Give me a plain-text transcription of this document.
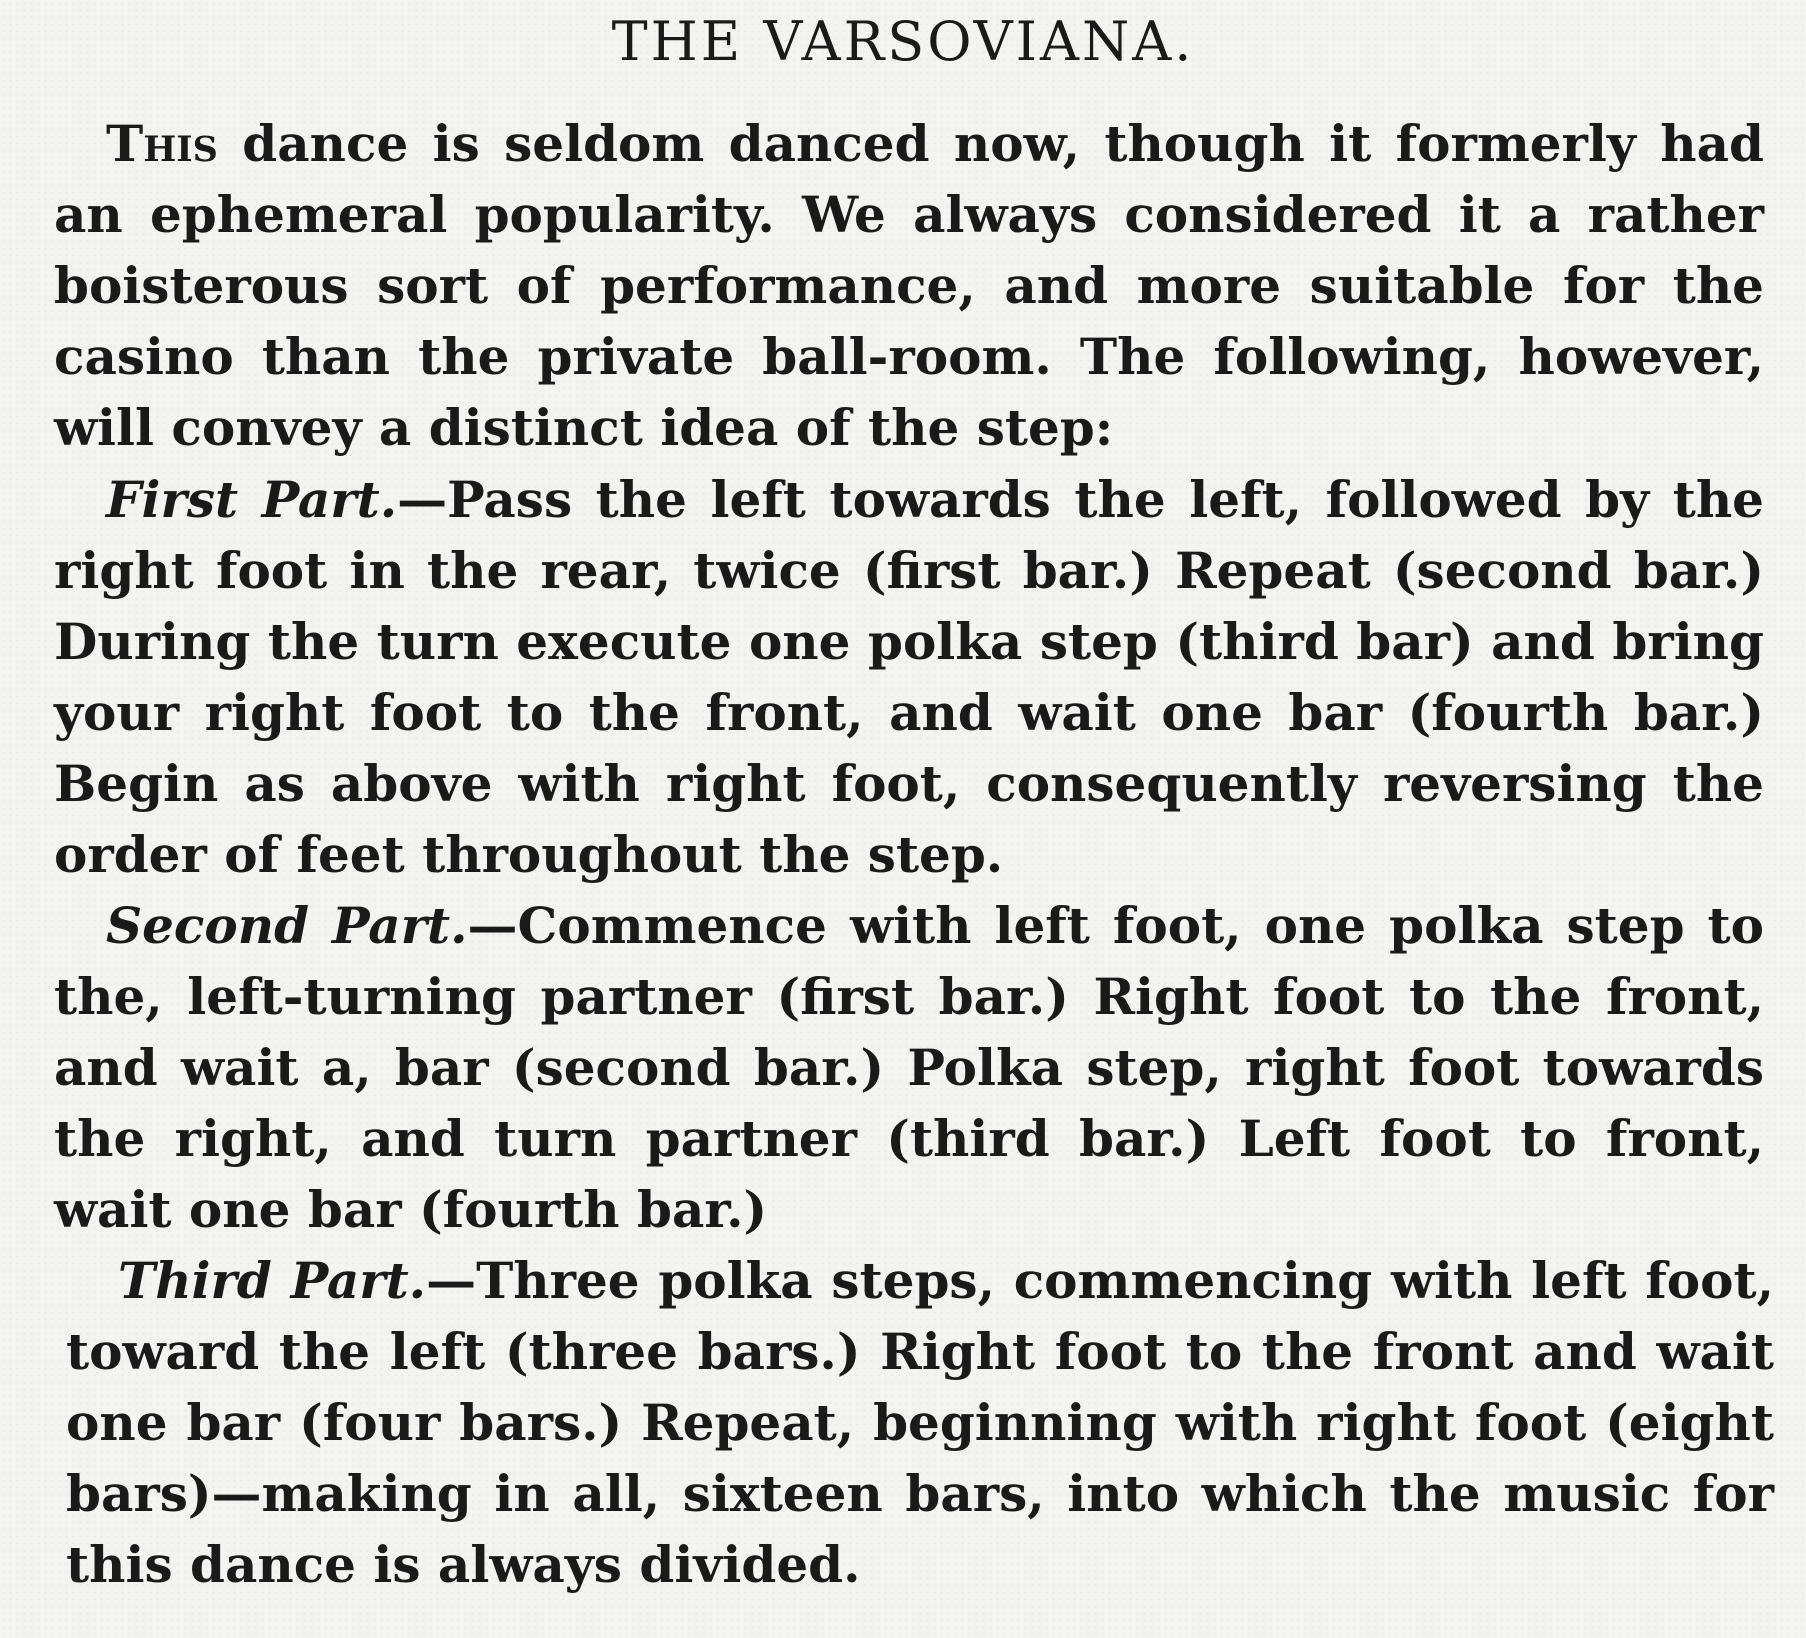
THE VARSOVIANA.

This dance is seldom danced now, though it formerly had an ephemeral popularity. We always considered it a rather boisterous sort of performance, and more suitable for the casino than the private ball-room. The following, however, will convey a distinct idea of the step:

First Part.—Pass the left towards the left, followed by the right foot in the rear, twice (first bar.) Repeat (second bar.) During the turn execute one polka step (third bar) and bring your right foot to the front, and wait one bar (fourth bar.) Begin as above with right foot, consequently reversing the order of feet throughout the step.

Second Part.—Commence with left foot, one polka step to the, left-turning partner (first bar.) Right foot to the front, and wait a, bar (second bar.) Polka step, right foot towards the right, and turn partner (third bar.) Left foot to front, wait one bar (fourth bar.)

Third Part.—Three polka steps, commencing with left foot, toward the left (three bars.) Right foot to the front and wait one bar (four bars.) Repeat, beginning with right foot (eight bars)—making in all, sixteen bars, into which the music for this dance is always divided.
